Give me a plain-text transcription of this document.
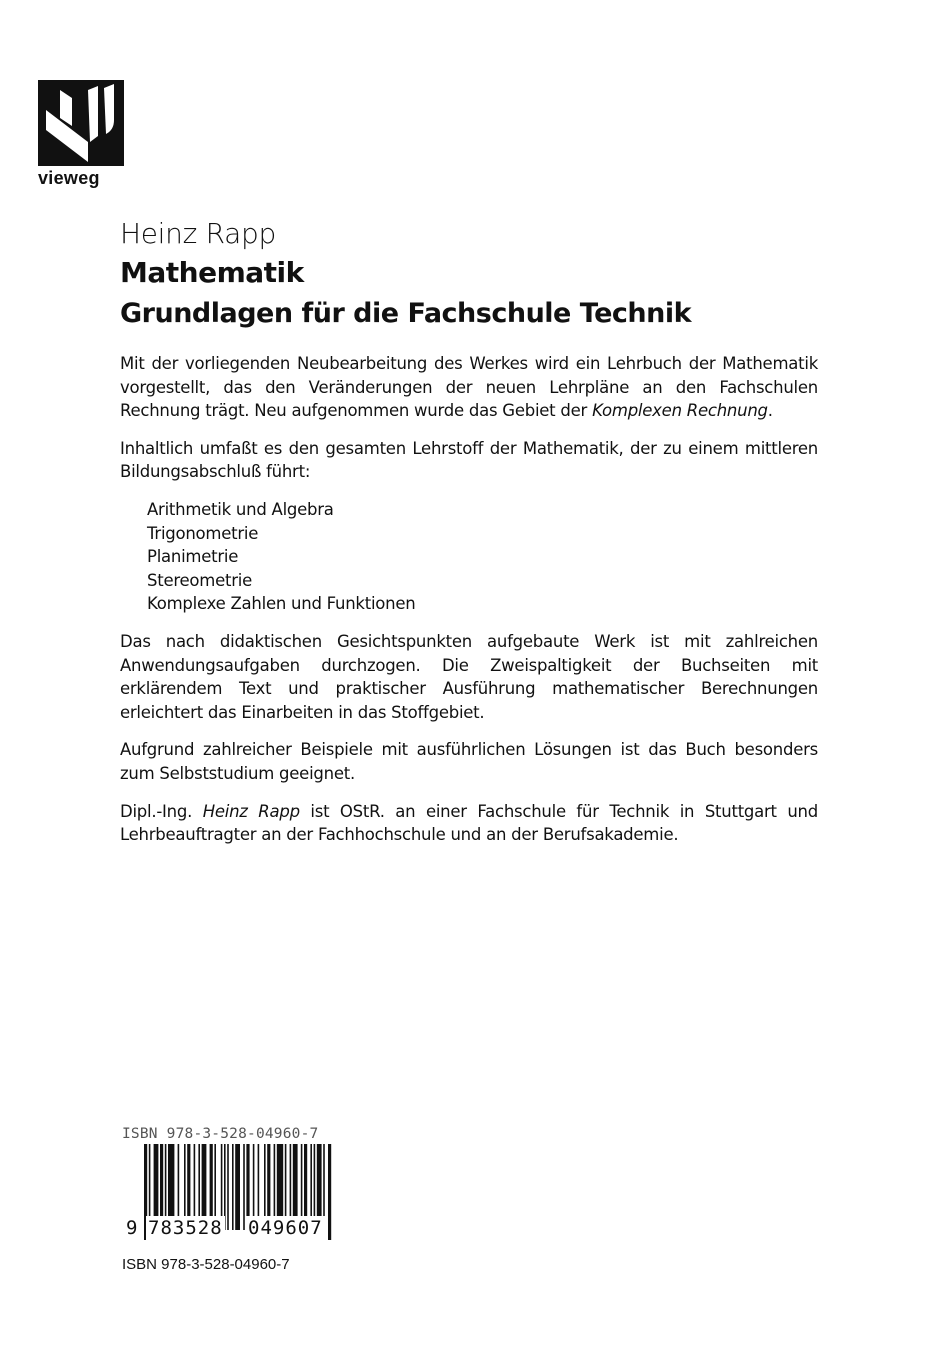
vieweg
Heinz Rapp
Mathematik
Grundlagen für die Fachschule Technik

Mit der vorliegenden Neubearbeitung des Werkes wird ein Lehrbuch der Mathematik vorgestellt, das den Veränderungen der neuen Lehrpläne an den Fachschulen Rechnung trägt. Neu aufgenommen wurde das Gebiet der Komplexen Rechnung.

Inhaltlich umfaßt es den gesamten Lehrstoff der Mathematik, der zu einem mittleren Bildungsabschluß führt:

Arithmetik und Algebra
Trigonometrie
Planimetrie
Stereometrie
Komplexe Zahlen und Funktionen

Das nach didaktischen Gesichtspunkten aufgebaute Werk ist mit zahlreichen Anwendungsaufgaben durchzogen. Die Zweispaltigkeit der Buchseiten mit erklärendem Text und praktischer Ausführung mathematischer Berechnungen erleichtert das Einarbeiten in das Stoffgebiet.

Aufgrund zahlreicher Beispiele mit ausführlichen Lösungen ist das Buch besonders zum Selbststudium geeignet.

Dipl.-Ing. Heinz Rapp ist OStR. an einer Fachschule für Technik in Stuttgart und Lehrbeauftragter an der Fachhochschule und an der Berufsakademie.

ISBN 978-3-528-04960-7
9 783528 049607
ISBN 978-3-528-04960-7
